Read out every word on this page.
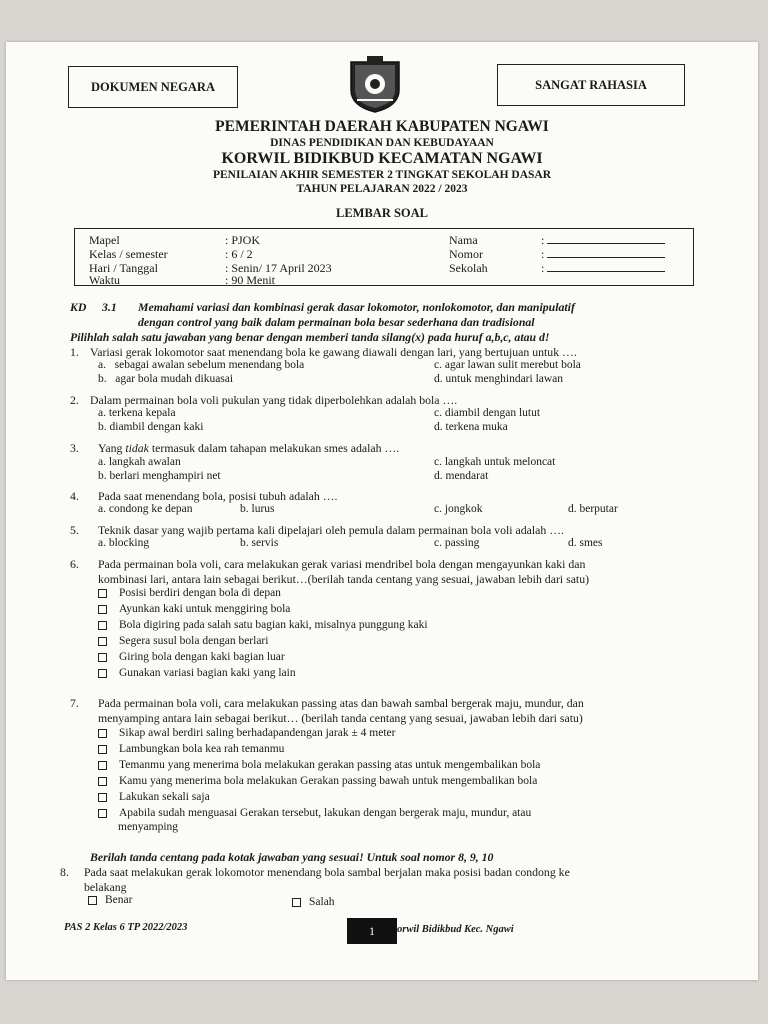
DOKUMEN NEGARA	SANGAT RAHASIA
PEMERINTAH DAERAH KABUPATEN NGAWI
DINAS PENDIDIKAN DAN KEBUDAYAAN
KORWIL BIDIKBUD KECAMATAN NGAWI
PENILAIAN AKHIR SEMESTER 2 TINGKAT SEKOLAH DASAR
TAHUN PELAJARAN 2022 / 2023
LEMBAR SOAL
Mapel	: PJOK
Kelas / semester	: 6 / 2
Hari / Tanggal	: Senin/ 17 April 2023
Waktu	: 90 Menit
Nama	:
Nomor	:
Sekolah	:
KD 3.1 Memahami variasi dan kombinasi gerak dasar lokomotor, nonlokomotor, dan manipulatif
dengan control yang baik dalam permainan bola besar sederhana dan tradisional
Pilihlah salah satu jawaban yang benar dengan memberi tanda silang(x) pada huruf a,b,c, atau d!
1. Variasi gerak lokomotor saat menendang bola ke gawang diawali dengan lari, yang bertujuan untuk ….
a.   sebagai awalan sebelum menendang bola	c. agar lawan sulit merebut bola
b.   agar bola mudah dikuasai	d. untuk menghindari lawan
2. Dalam permainan bola voli pukulan yang tidak diperbolehkan adalah bola ….
a. terkena kepala	c. diambil dengan lutut
b. diambil dengan kaki	d. terkena muka
3. Yang tidak termasuk dalam tahapan melakukan smes adalah ….
a. langkah awalan	c. langkah untuk meloncat
b. berlari menghampiri net	d. mendarat
4. Pada saat menendang bola, posisi tubuh adalah ….
a. condong ke depan	b. lurus	c. jongkok	d. berputar
5. Teknik dasar yang wajib pertama kali dipelajari oleh pemula dalam permainan bola voli adalah ….
a. blocking	b. servis	c. passing	d. smes
6. Pada permainan bola voli, cara melakukan gerak variasi mendribel bola dengan mengayunkan kaki dan
kombinasi lari, antara lain sebagai berikut…(berilah tanda centang yang sesuai, jawaban lebih dari satu)
Posisi berdiri dengan bola di depan
Ayunkan kaki untuk menggiring bola
Bola digiring pada salah satu bagian kaki, misalnya punggung kaki
Segera susul bola dengan berlari
Giring bola dengan kaki bagian luar
Gunakan variasi bagian kaki yang lain
7. Pada permainan bola voli, cara melakukan passing atas dan bawah sambal bergerak maju, mundur, dan
menyamping antara lain sebagai berikut… (berilah tanda centang yang sesuai, jawaban lebih dari satu)
Sikap awal berdiri saling berhadapandengan jarak ± 4 meter
Lambungkan bola kea rah temanmu
Temanmu yang menerima bola melakukan gerakan passing atas untuk mengembalikan bola
Kamu yang menerima bola melakukan Gerakan passing bawah untuk mengembalikan bola
Lakukan sekali saja
Apabila sudah menguasai Gerakan tersebut, lakukan dengan bergerak maju, mundur, atau
menyamping
Berilah tanda centang pada kotak jawaban yang sesuai! Untuk soal nomor 8, 9, 10
8. Pada saat melakukan gerak lokomotor menendang bola sambal berjalan maka posisi badan condong ke
belakang
Benar	Salah
PAS 2 Kelas 6 TP 2022/2023	1 orwil Bidikbud Kec. Ngawi
